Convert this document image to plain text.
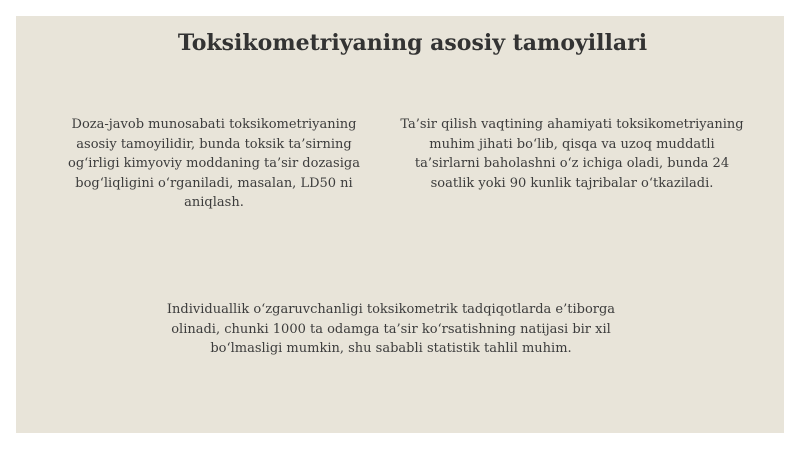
Toksikometriyaning asosiy tamoyillari
Doza-javob munosabati toksikometriyaning asosiy tamoyilidir, bunda toksik ta’sirning og‘irligi kimyoviy moddaning ta’sir dozasiga bog‘liqligini o‘rganiladi, masalan, LD50 ni aniqlash.
Ta’sir qilish vaqtining ahamiyati toksikometriyaning muhim jihati bo‘lib, qisqa va uzoq muddatli ta’sirlarni baholashni o‘z ichiga oladi, bunda 24 soatlik yoki 90 kunlik tajribalar o‘tkaziladi.
Individuallik o‘zgaruvchanligi toksikometrik tadqiqotlarda e’tiborga olinadi, chunki 1000 ta odamga ta’sir ko‘rsatishning natijasi bir xil bo‘lmasligi mumkin, shu sababli statistik tahlil muhim.
